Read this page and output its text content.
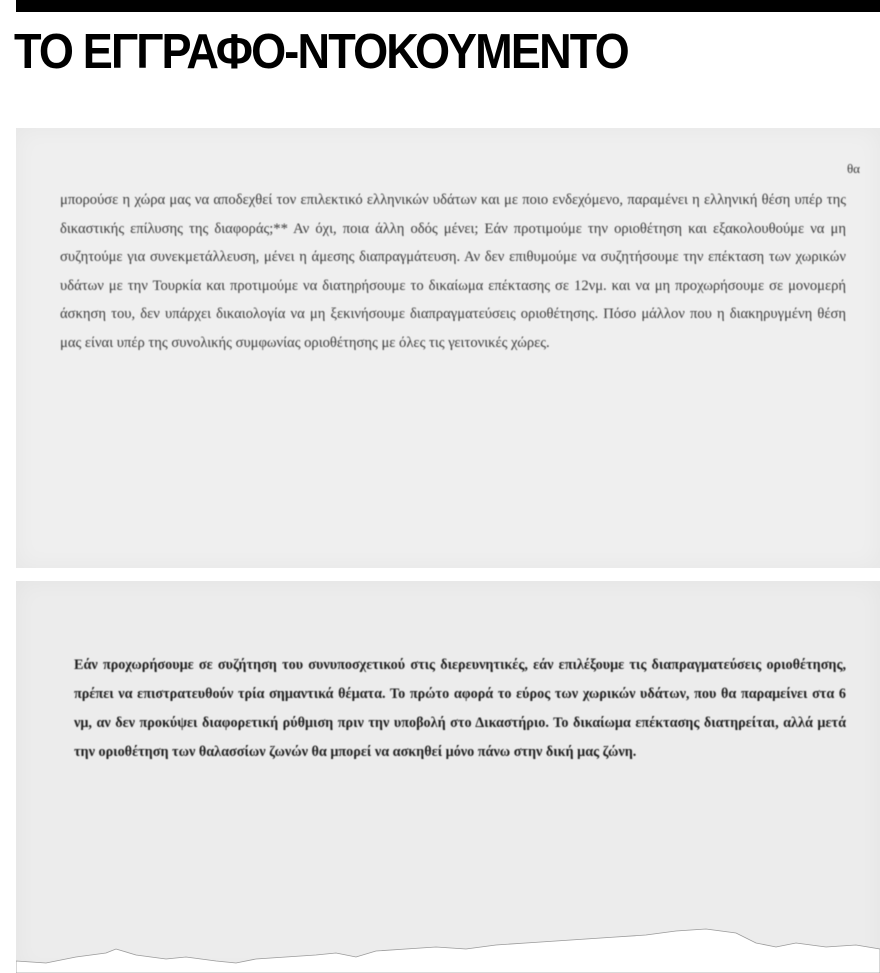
ΤΟ ΕΓΓΡΑΦΟ-ΝΤΟΚΟΥΜΕΝΤΟ
θα

μπορούσε η χώρα μας να αποδεχθεί τον επιλεκτικό ελληνικών υδάτων και με ποιο ενδεχόμενο, παραμένει η ελληνική θέση υπέρ της δικαστικής επίλυσης της διαφοράς;** Αν όχι, ποια άλλη οδός μένει; Εάν προτιμούμε την οριοθέτηση και εξακολουθούμε να μη συζητούμε για συνεκμετάλλευση, μένει η άμεσης διαπραγμάτευση. Αν δεν επιθυμούμε να συζητήσουμε την επέκταση των χωρικών υδάτων με την Τουρκία και προτιμούμε να διατηρήσουμε το δικαίωμα επέκτασης σε 12νμ. και να μη προχωρήσουμε σε μονομερή άσκηση του, δεν υπάρχει δικαιολογία να μη ξεκινήσουμε διαπραγματεύσεις οριοθέτησης. Πόσο μάλλον που η διακηρυγμένη θέση μας είναι υπέρ της συνολικής συμφωνίας οριοθέτησης με όλες τις γειτονικές χώρες.

Εάν προχωρήσουμε σε συζήτηση του συνυποσχετικού στις διερευνητικές, εάν επιλέξουμε τις διαπραγματεύσεις οριοθέτησης, πρέπει να επιστρατευθούν τρία σημαντικά θέματα. Το πρώτο αφορά το εύρος των χωρικών υδάτων, που θα παραμείνει στα 6 νμ, αν δεν προκύψει διαφορετική ρύθμιση πριν την υποβολή στο Δικαστήριο. Το δικαίωμα επέκτασης διατηρείται, αλλά μετά την οριοθέτηση των θαλασσίων ζωνών θα μπορεί να ασκηθεί μόνο πάνω στην δική μας ζώνη.
